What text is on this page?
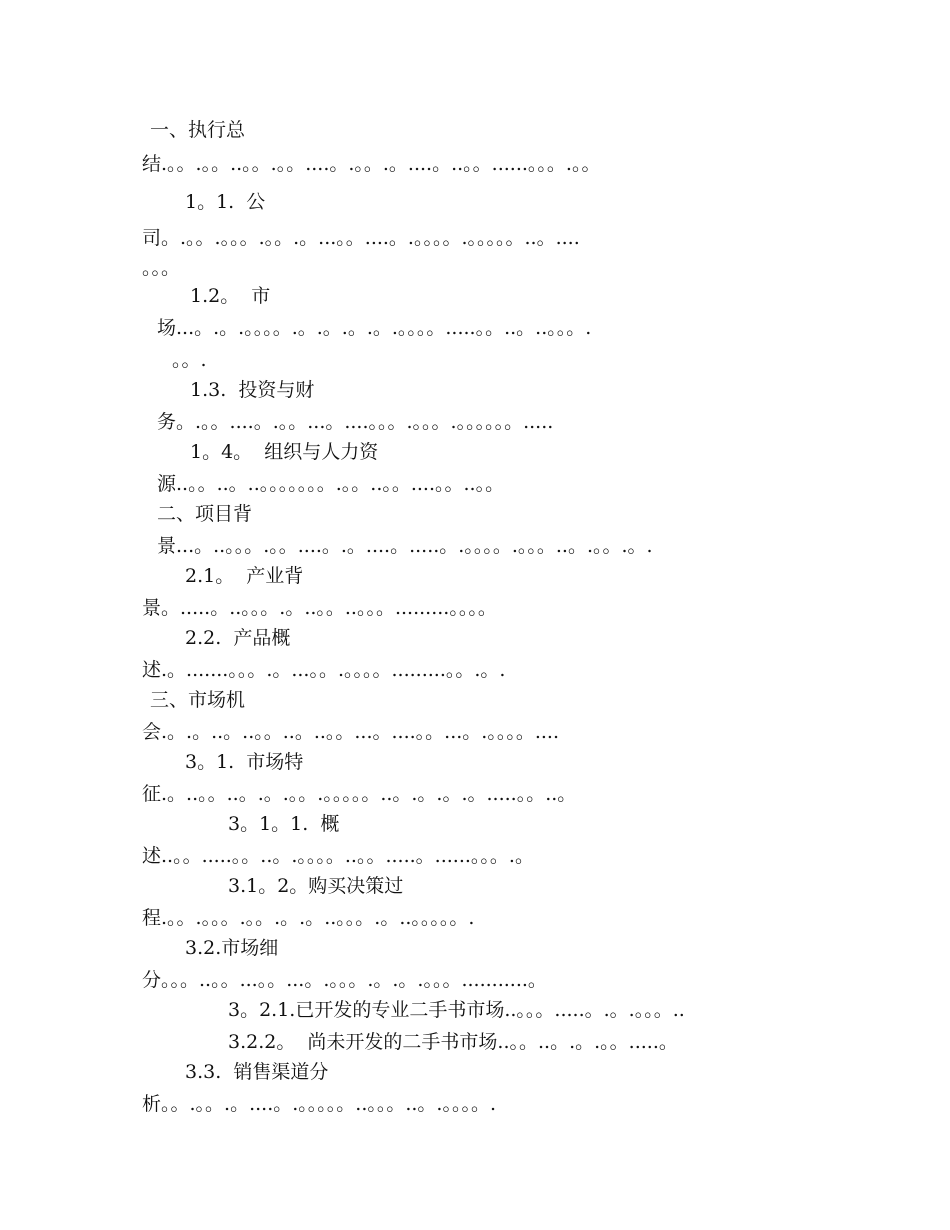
一、执行总
结.。。.。。..。。.。。....。.。。.。....。..。。......。。。.。。
1。1.  公
司。.。。.。。。.。。.。...。。....。.。。。。.。。。。。..。....
。。。
1.2。  市
场...。.。.。。。。.。.。.。.。.。。。。.....。。..。..。。。.
。。.
1.3.  投资与财
务。.。。....。.。。...。....。。。.。。。.。。。。。。.....
1。4。  组织与人力资
源..。。..。..。。。。。。。.。。..。。....。。..。。
二、项目背
景...。..。。。.。。....。.。....。.....。.。。。。.。。。..。.。。.。.
2.1。  产业背
景。.....。..。。。.。..。。..。。。.........。。。。
2.2.  产品概
述.。.......。。。.。...。。.。。。。.........。。.。.
三、市场机
会.。.。..。..。。..。..。。...。....。。...。.。。。。....
3。1.  市场特
征.。..。。..。.。.。。.。。。。。..。.。.。.。.....。。..。
3。1。1.  概
述..。。.....。。..。.。。。。..。。.....。......。。。.。
3.1。2。购买决策过
程.。。.。。。.。。.。.。..。。。.。..。。。。。.
3.2.市场细
分。。。..。。...。。...。.。。。.。.。.。。。...........。
3。2.1.已开发的专业二手书市场..。。。.....。.。.。。。..
3.2.2。  尚未开发的二手书市场..。。..。.。.。。.....。
3.3.  销售渠道分
析。。.。。.。....。.。。。。。..。。。..。.。。。。.
